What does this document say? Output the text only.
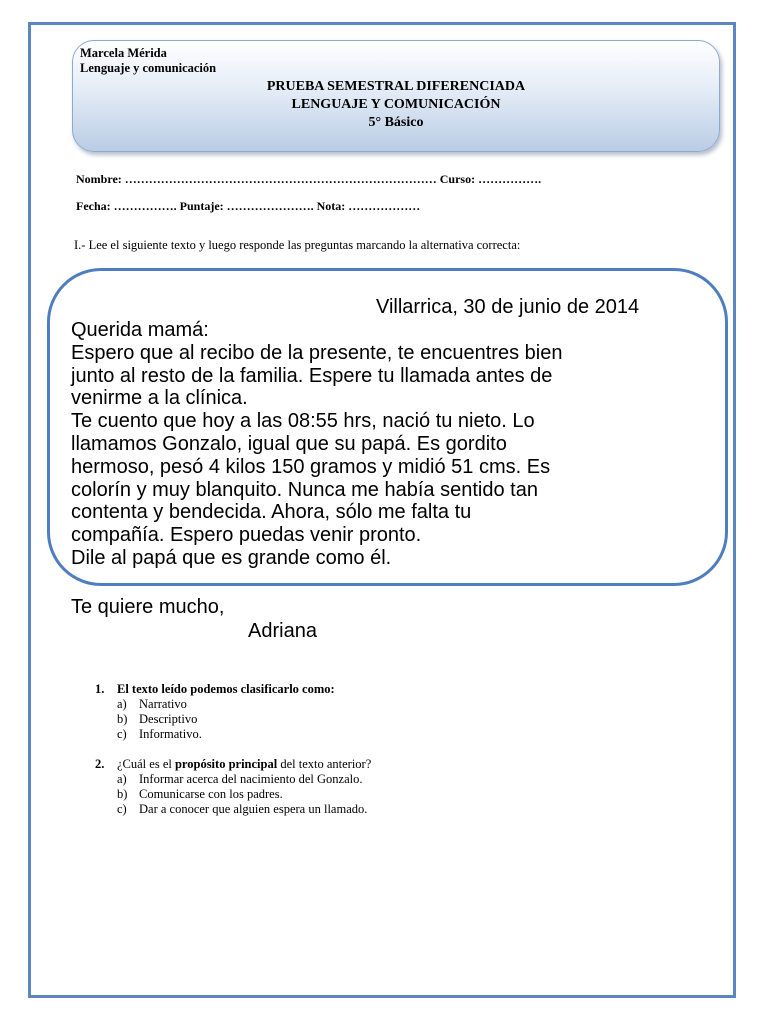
Marcela Mérida
Lenguaje y comunicación
PRUEBA SEMESTRAL DIFERENCIADA
LENGUAJE Y COMUNICACIÓN
5° Básico
Nombre: …………………………………………………………………… Curso: …………….
Fecha: ……………. Puntaje: …………………. Nota: ………………
I.- Lee el siguiente texto y luego responde las preguntas marcando la alternativa correcta:
Villarrica, 30 de junio de 2014
Querida mamá:
Espero que al recibo de la presente, te encuentres bien
junto al resto de la familia. Espere tu llamada antes de
venirme a la clínica.
Te cuento que hoy a las 08:55 hrs, nació tu nieto. Lo
llamamos Gonzalo, igual que su papá. Es gordito
hermoso, pesó 4 kilos 150 gramos y midió 51 cms. Es
colorín y muy blanquito. Nunca me había sentido tan
contenta y bendecida. Ahora, sólo me falta tu
compañía. Espero puedas venir pronto.
Dile al papá que es grande como él.
Te quiere mucho,
Adriana
1. El texto leído podemos clasificarlo como:
a) Narrativo
b) Descriptivo
c) Informativo.
2. ¿Cuál es el propósito principal del texto anterior?
a) Informar acerca del nacimiento del Gonzalo.
b) Comunicarse con los padres.
c) Dar a conocer que alguien espera un llamado.
